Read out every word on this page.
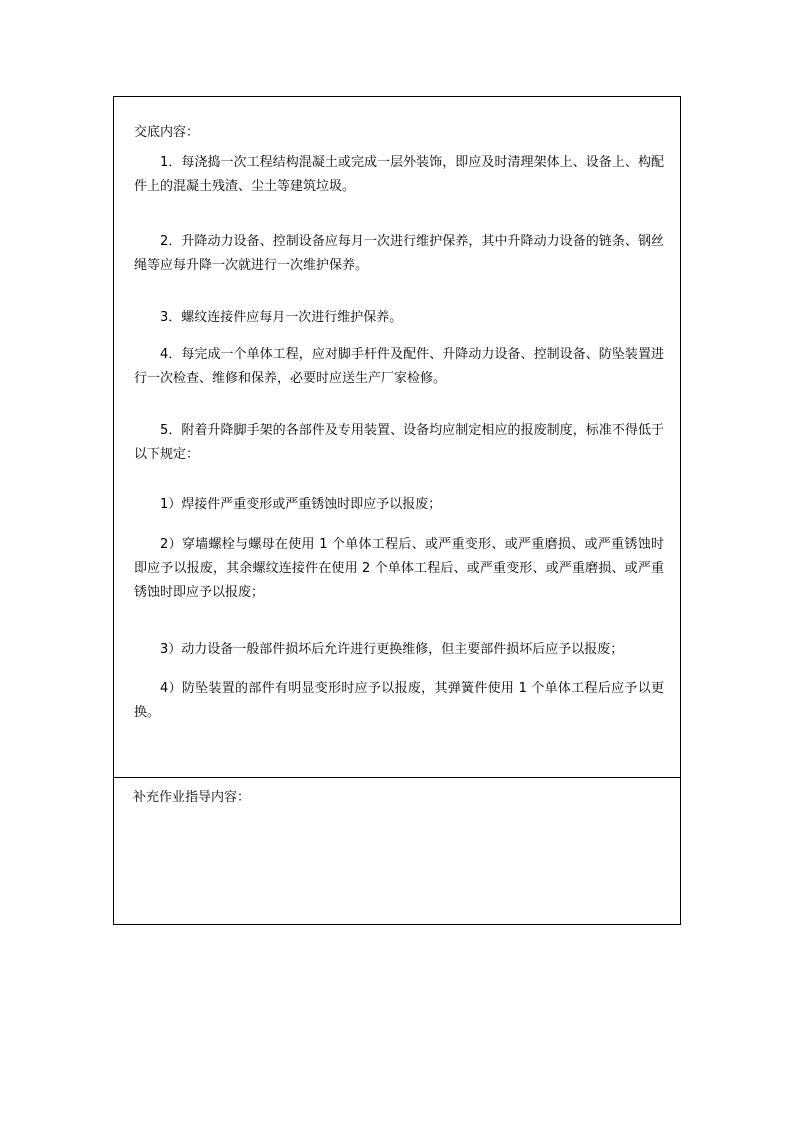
交底内容：

1．每浇捣一次工程结构混凝土或完成一层外装饰，即应及时清理架体上、设备上、构配件上的混凝土残渣、尘土等建筑垃圾。

2．升降动力设备、控制设备应每月一次进行维护保养，其中升降动力设备的链条、钢丝绳等应每升降一次就进行一次维护保养。

3．螺纹连接件应每月一次进行维护保养。

4．每完成一个单体工程，应对脚手杆件及配件、升降动力设备、控制设备、防坠装置进行一次检查、维修和保养，必要时应送生产厂家检修。

5．附着升降脚手架的各部件及专用装置、设备均应制定相应的报废制度，标准不得低于以下规定：

1）焊接件严重变形或严重锈蚀时即应予以报废；

2）穿墙螺栓与螺母在使用 1 个单体工程后、或严重变形、或严重磨损、或严重锈蚀时即应予以报废，其余螺纹连接件在使用 2 个单体工程后、或严重变形、或严重磨损、或严重锈蚀时即应予以报废；

3）动力设备一般部件损坏后允许进行更换维修，但主要部件损坏后应予以报废；

4）防坠装置的部件有明显变形时应予以报废，其弹簧件使用 1 个单体工程后应予以更换。

补充作业指导内容：
